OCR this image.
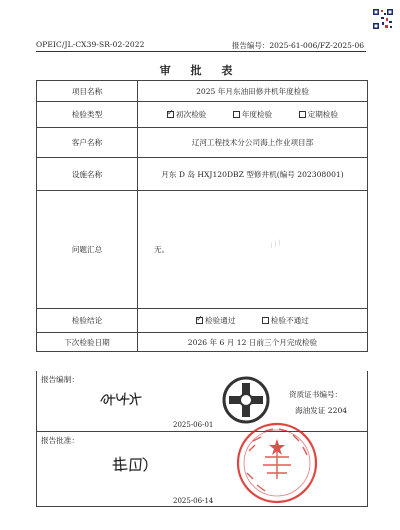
OPEIC/JL-CX39-SR-02-2022	报告编号：2025-61-006/FZ-2025-06
审 批 表
项目名称	2025 年月东油田修井机年度检验
检验类型	✓初次检验 年度检验 定期检验
客户名称	辽河工程技术分公司海上作业项目部
设施名称	月东 D 岛 HXJ120DBZ 型修井机(编号 202308001)
问题汇总	无。
检验结论	✓检验通过 检验不通过
下次检验日期	2026 年 6 月 12 日前三个月完成检验
报告编制：
2025-06-01
报告批准：
2025-06-14
资质证书编号：
海油发证 2204
/ / /
